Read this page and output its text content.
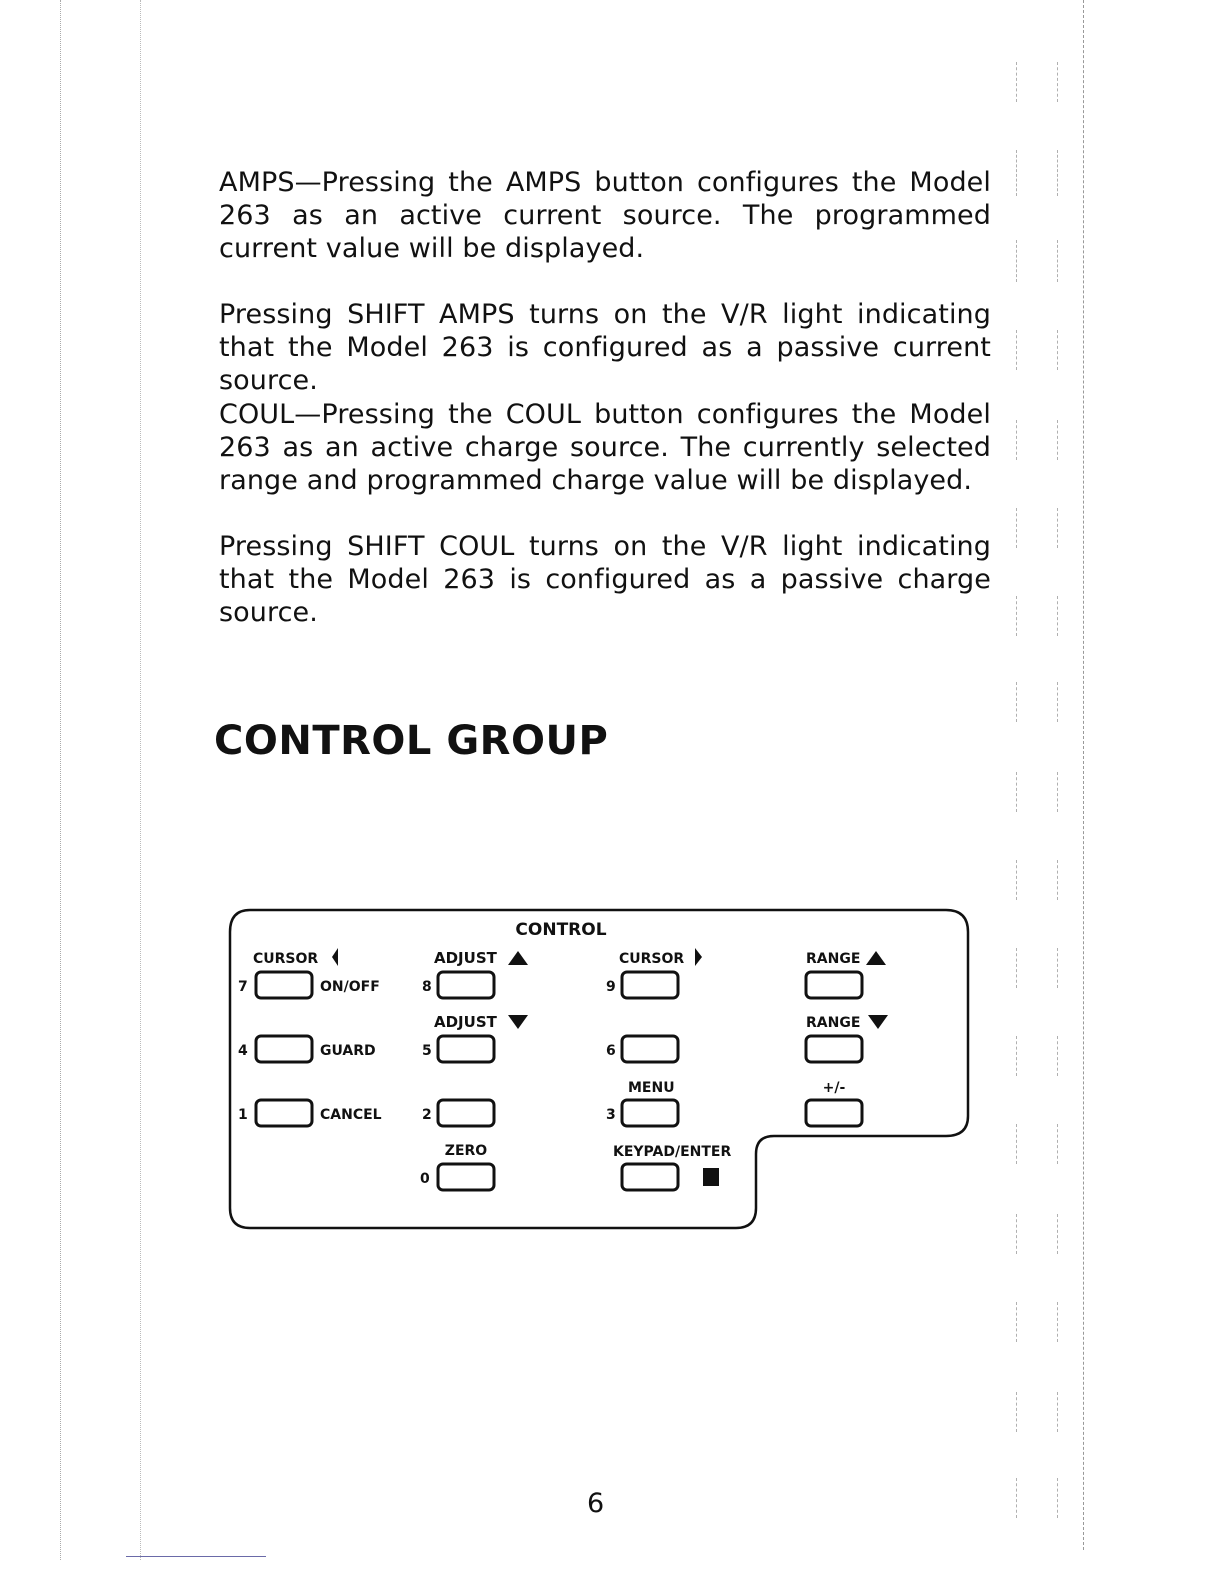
AMPS—Pressing the AMPS button configures the Model 263 as an active current source. The programmed current value will be displayed.

Pressing SHIFT AMPS turns on the V/R light indicating that the Model 263 is configured as a passive current source.

COUL—Pressing the COUL button configures the Model 263 as an active charge source. The currently selected range and programmed charge value will be displayed.

Pressing SHIFT COUL turns on the V/R light indicating that the Model 263 is configured as a passive charge source.

CONTROL GROUP
CONTROL
CURSOR	ADJUST	CURSOR	RANGE
ADJUST	RANGE
MENU	+/-
ZERO	KEYPAD/ENTER
ON/OFF
GUARD
CANCEL
7	8	9
4	5	6
1	2	3
0
6
